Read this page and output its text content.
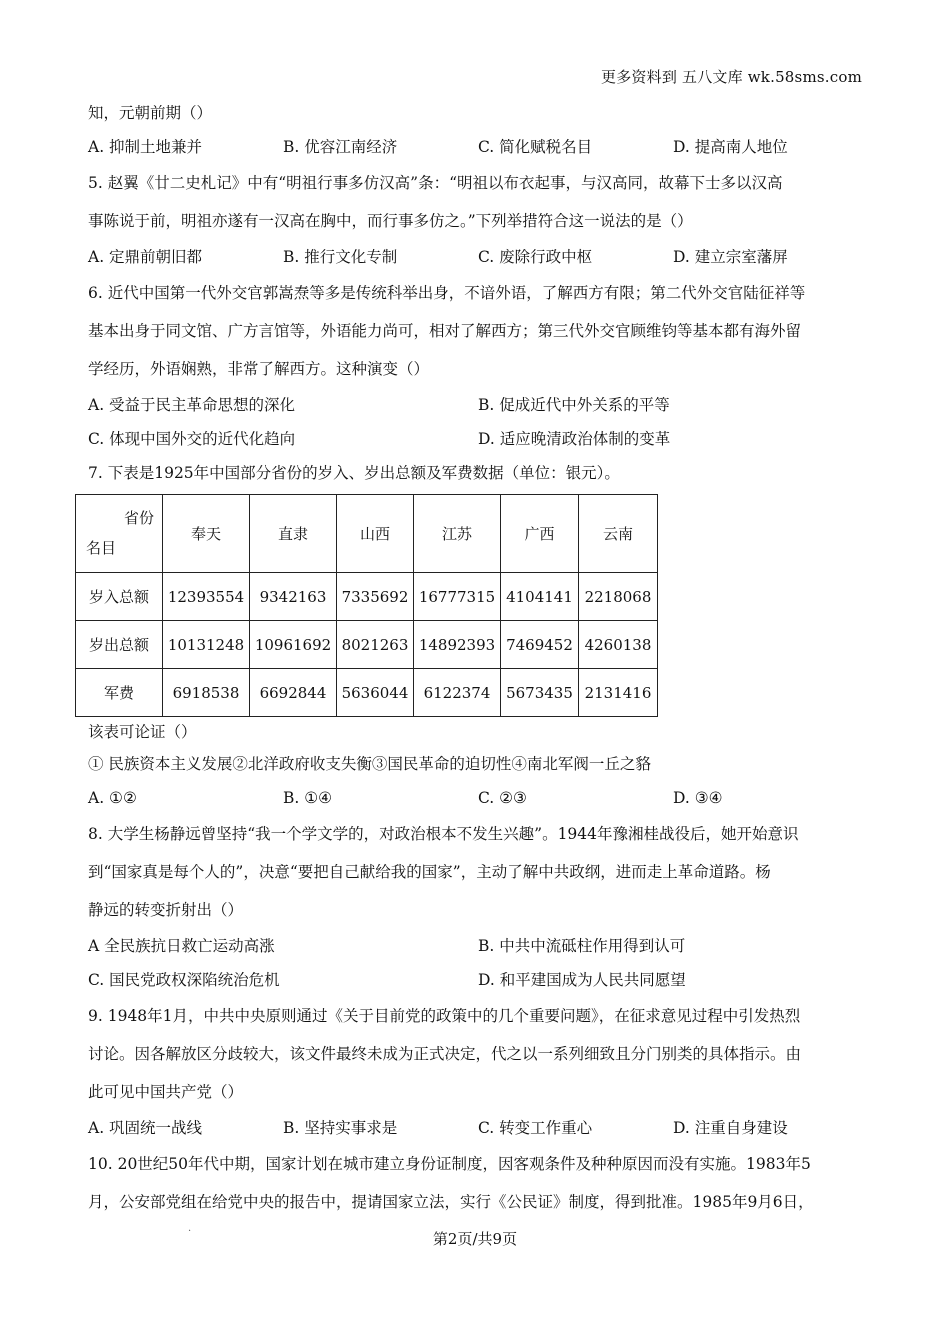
更多资料到 五八文库 wk.58sms.com
知，元朝前期（）
A. 抑制土地兼并	B. 优容江南经济	C. 简化赋税名目	D. 提高南人地位
5. 赵翼《廿二史札记》中有“明祖行事多仿汉高”条：“明祖以布衣起事，与汉高同，故幕下士多以汉高
事陈说于前，明祖亦遂有一汉高在胸中，而行事多仿之。”下列举措符合这一说法的是（）
A. 定鼎前朝旧都	B. 推行文化专制	C. 废除行政中枢	D. 建立宗室藩屏
6. 近代中国第一代外交官郭嵩焘等多是传统科举出身，不谙外语，了解西方有限；第二代外交官陆征祥等
基本出身于同文馆、广方言馆等，外语能力尚可，相对了解西方；第三代外交官顾维钧等基本都有海外留
学经历，外语娴熟，非常了解西方。这种演变（）
A. 受益于民主革命思想的深化	B. 促成近代中外关系的平等
C. 体现中国外交的近代化趋向	D. 适应晚清政治体制的变革
7. 下表是1925年中国部分省份的岁入、岁出总额及军费数据（单位：银元）。
省份
名目	奉天	直隶	山西	江苏	广西	云南
岁入总额	12393554	9342163	7335692	16777315	4104141	2218068
岁出总额	10131248	10961692	8021263	14892393	7469452	4260138
军费	6918538	6692844	5636044	6122374	5673435	2131416
该表可论证（）
① 民族资本主义发展②北洋政府收支失衡③国民革命的迫切性④南北军阀一丘之貉
A. ①②	B. ①④	C. ②③	D. ③④
8. 大学生杨静远曾坚持“我一个学文学的，对政治根本不发生兴趣”。1944年豫湘桂战役后，她开始意识
到“国家真是每个人的”，决意“要把自己献给我的国家”，主动了解中共政纲，进而走上革命道路。杨
静远的转变折射出（）
A 全民族抗日救亡运动高涨	B. 中共中流砥柱作用得到认可
C. 国民党政权深陷统治危机	D. 和平建国成为人民共同愿望
9. 1948年1月，中共中央原则通过《关于目前党的政策中的几个重要问题》，在征求意见过程中引发热烈
讨论。因各解放区分歧较大，该文件最终未成为正式决定，代之以一系列细致且分门别类的具体指示。由
此可见中国共产党（）
A. 巩固统一战线	B. 坚持实事求是	C. 转变工作重心	D. 注重自身建设
10. 20世纪50年代中期，国家计划在城市建立身份证制度，因客观条件及种种原因而没有实施。1983年5
月，公安部党组在给党中央的报告中，提请国家立法，实行《公民证》制度，得到批准。1985年9月6日，
·	第2页/共9页
